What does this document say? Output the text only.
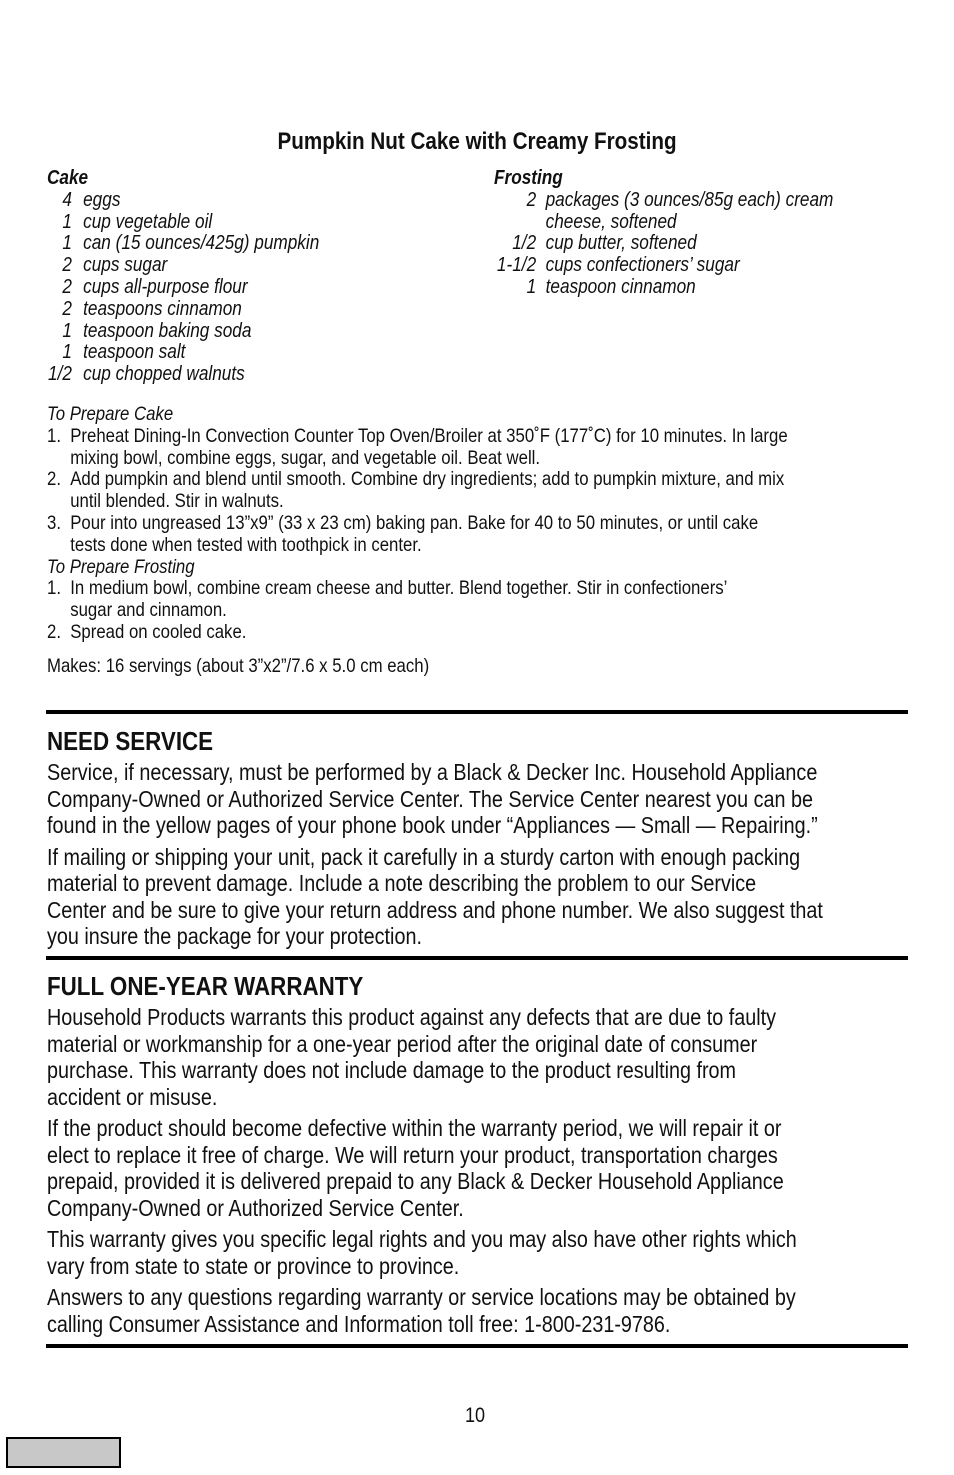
Pumpkin Nut Cake with Creamy Frosting
Cake
4 eggs
1 cup vegetable oil
1 can (15 ounces/425g) pumpkin
2 cups sugar
2 cups all-purpose flour
2 teaspoons cinnamon
1 teaspoon baking soda
1 teaspoon salt
1/2 cup chopped walnuts
Frosting
2 packages (3 ounces/85g each) cream
cheese, softened
1/2 cup butter, softened
1-1/2 cups confectioners’ sugar
1 teaspoon cinnamon
To Prepare Cake
1. Preheat Dining-In Convection Counter Top Oven/Broiler at 350˚F (177˚C) for 10 minutes. In large
mixing bowl, combine eggs, sugar, and vegetable oil. Beat well.
2. Add pumpkin and blend until smooth. Combine dry ingredients; add to pumpkin mixture, and mix
until blended. Stir in walnuts.
3. Pour into ungreased 13”x9” (33 x 23 cm) baking pan. Bake for 40 to 50 minutes, or until cake
tests done when tested with toothpick in center.
To Prepare Frosting
1. In medium bowl, combine cream cheese and butter. Blend together. Stir in confectioners’
sugar and cinnamon.
2. Spread on cooled cake.
Makes: 16 servings (about 3”x2”/7.6 x 5.0 cm each)
NEED SERVICE

Service, if necessary, must be performed by a Black & Decker Inc. Household Appliance
Company-Owned or Authorized Service Center. The Service Center nearest you can be
found in the yellow pages of your phone book under “Appliances — Small — Repairing.”

If mailing or shipping your unit, pack it carefully in a sturdy carton with enough packing
material to prevent damage. Include a note describing the problem to our Service
Center and be sure to give your return address and phone number. We also suggest that
you insure the package for your protection.

FULL ONE-YEAR WARRANTY

Household Products warrants this product against any defects that are due to faulty
material or workmanship for a one-year period after the original date of consumer
purchase. This warranty does not include damage to the product resulting from
accident or misuse.

If the product should become defective within the warranty period, we will repair it or
elect to replace it free of charge. We will return your product, transportation charges
prepaid, provided it is delivered prepaid to any Black & Decker Household Appliance
Company-Owned or Authorized Service Center.

This warranty gives you specific legal rights and you may also have other rights which
vary from state to state or province to province.

Answers to any questions regarding warranty or service locations may be obtained by
calling Consumer Assistance and Information toll free: 1-800-231-9786.

10
